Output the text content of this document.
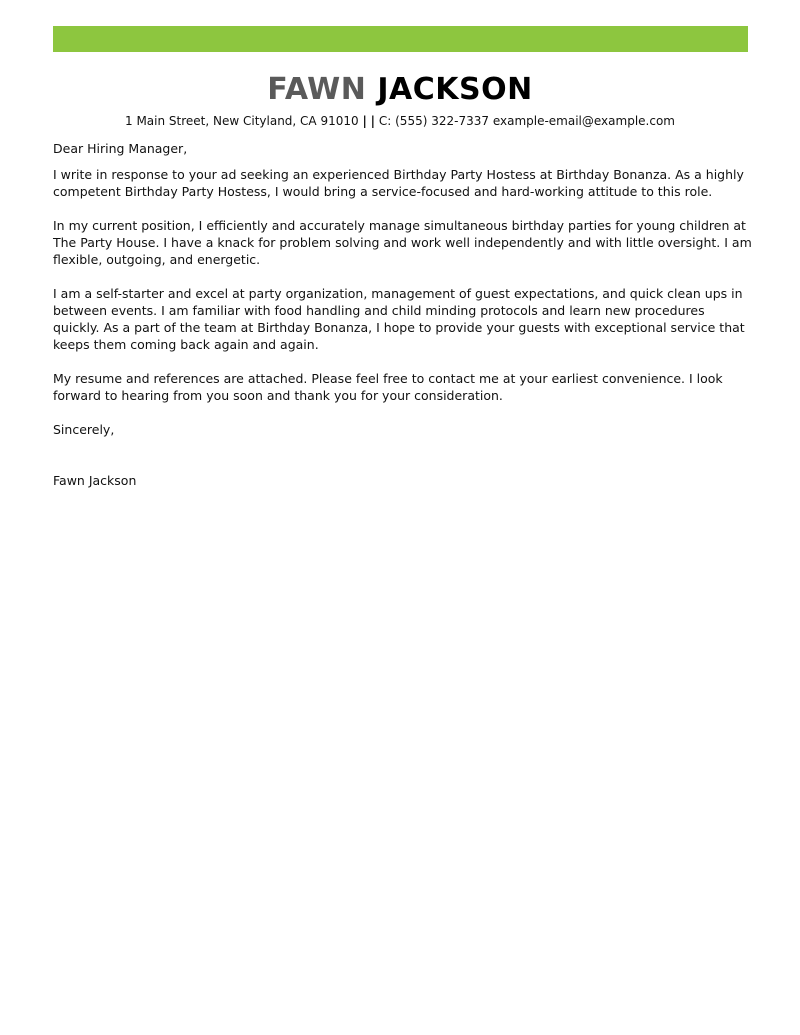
FAWN JACKSON
1 Main Street, New Cityland, CA 91010 | | C: (555) 322-7337 example-email@example.com

Dear Hiring Manager,

I write in response to your ad seeking an experienced Birthday Party Hostess at Birthday Bonanza. As a highly competent Birthday Party Hostess, I would bring a service-focused and hard-working attitude to this role.

In my current position, I efficiently and accurately manage simultaneous birthday parties for young children at The Party House. I have a knack for problem solving and work well independently and with little oversight. I am flexible, outgoing, and energetic.

I am a self-starter and excel at party organization, management of guest expectations, and quick clean ups in between events. I am familiar with food handling and child minding protocols and learn new procedures quickly. As a part of the team at Birthday Bonanza, I hope to provide your guests with exceptional service that keeps them coming back again and again.

My resume and references are attached. Please feel free to contact me at your earliest convenience. I look forward to hearing from you soon and thank you for your consideration.

Sincerely,

Fawn Jackson
